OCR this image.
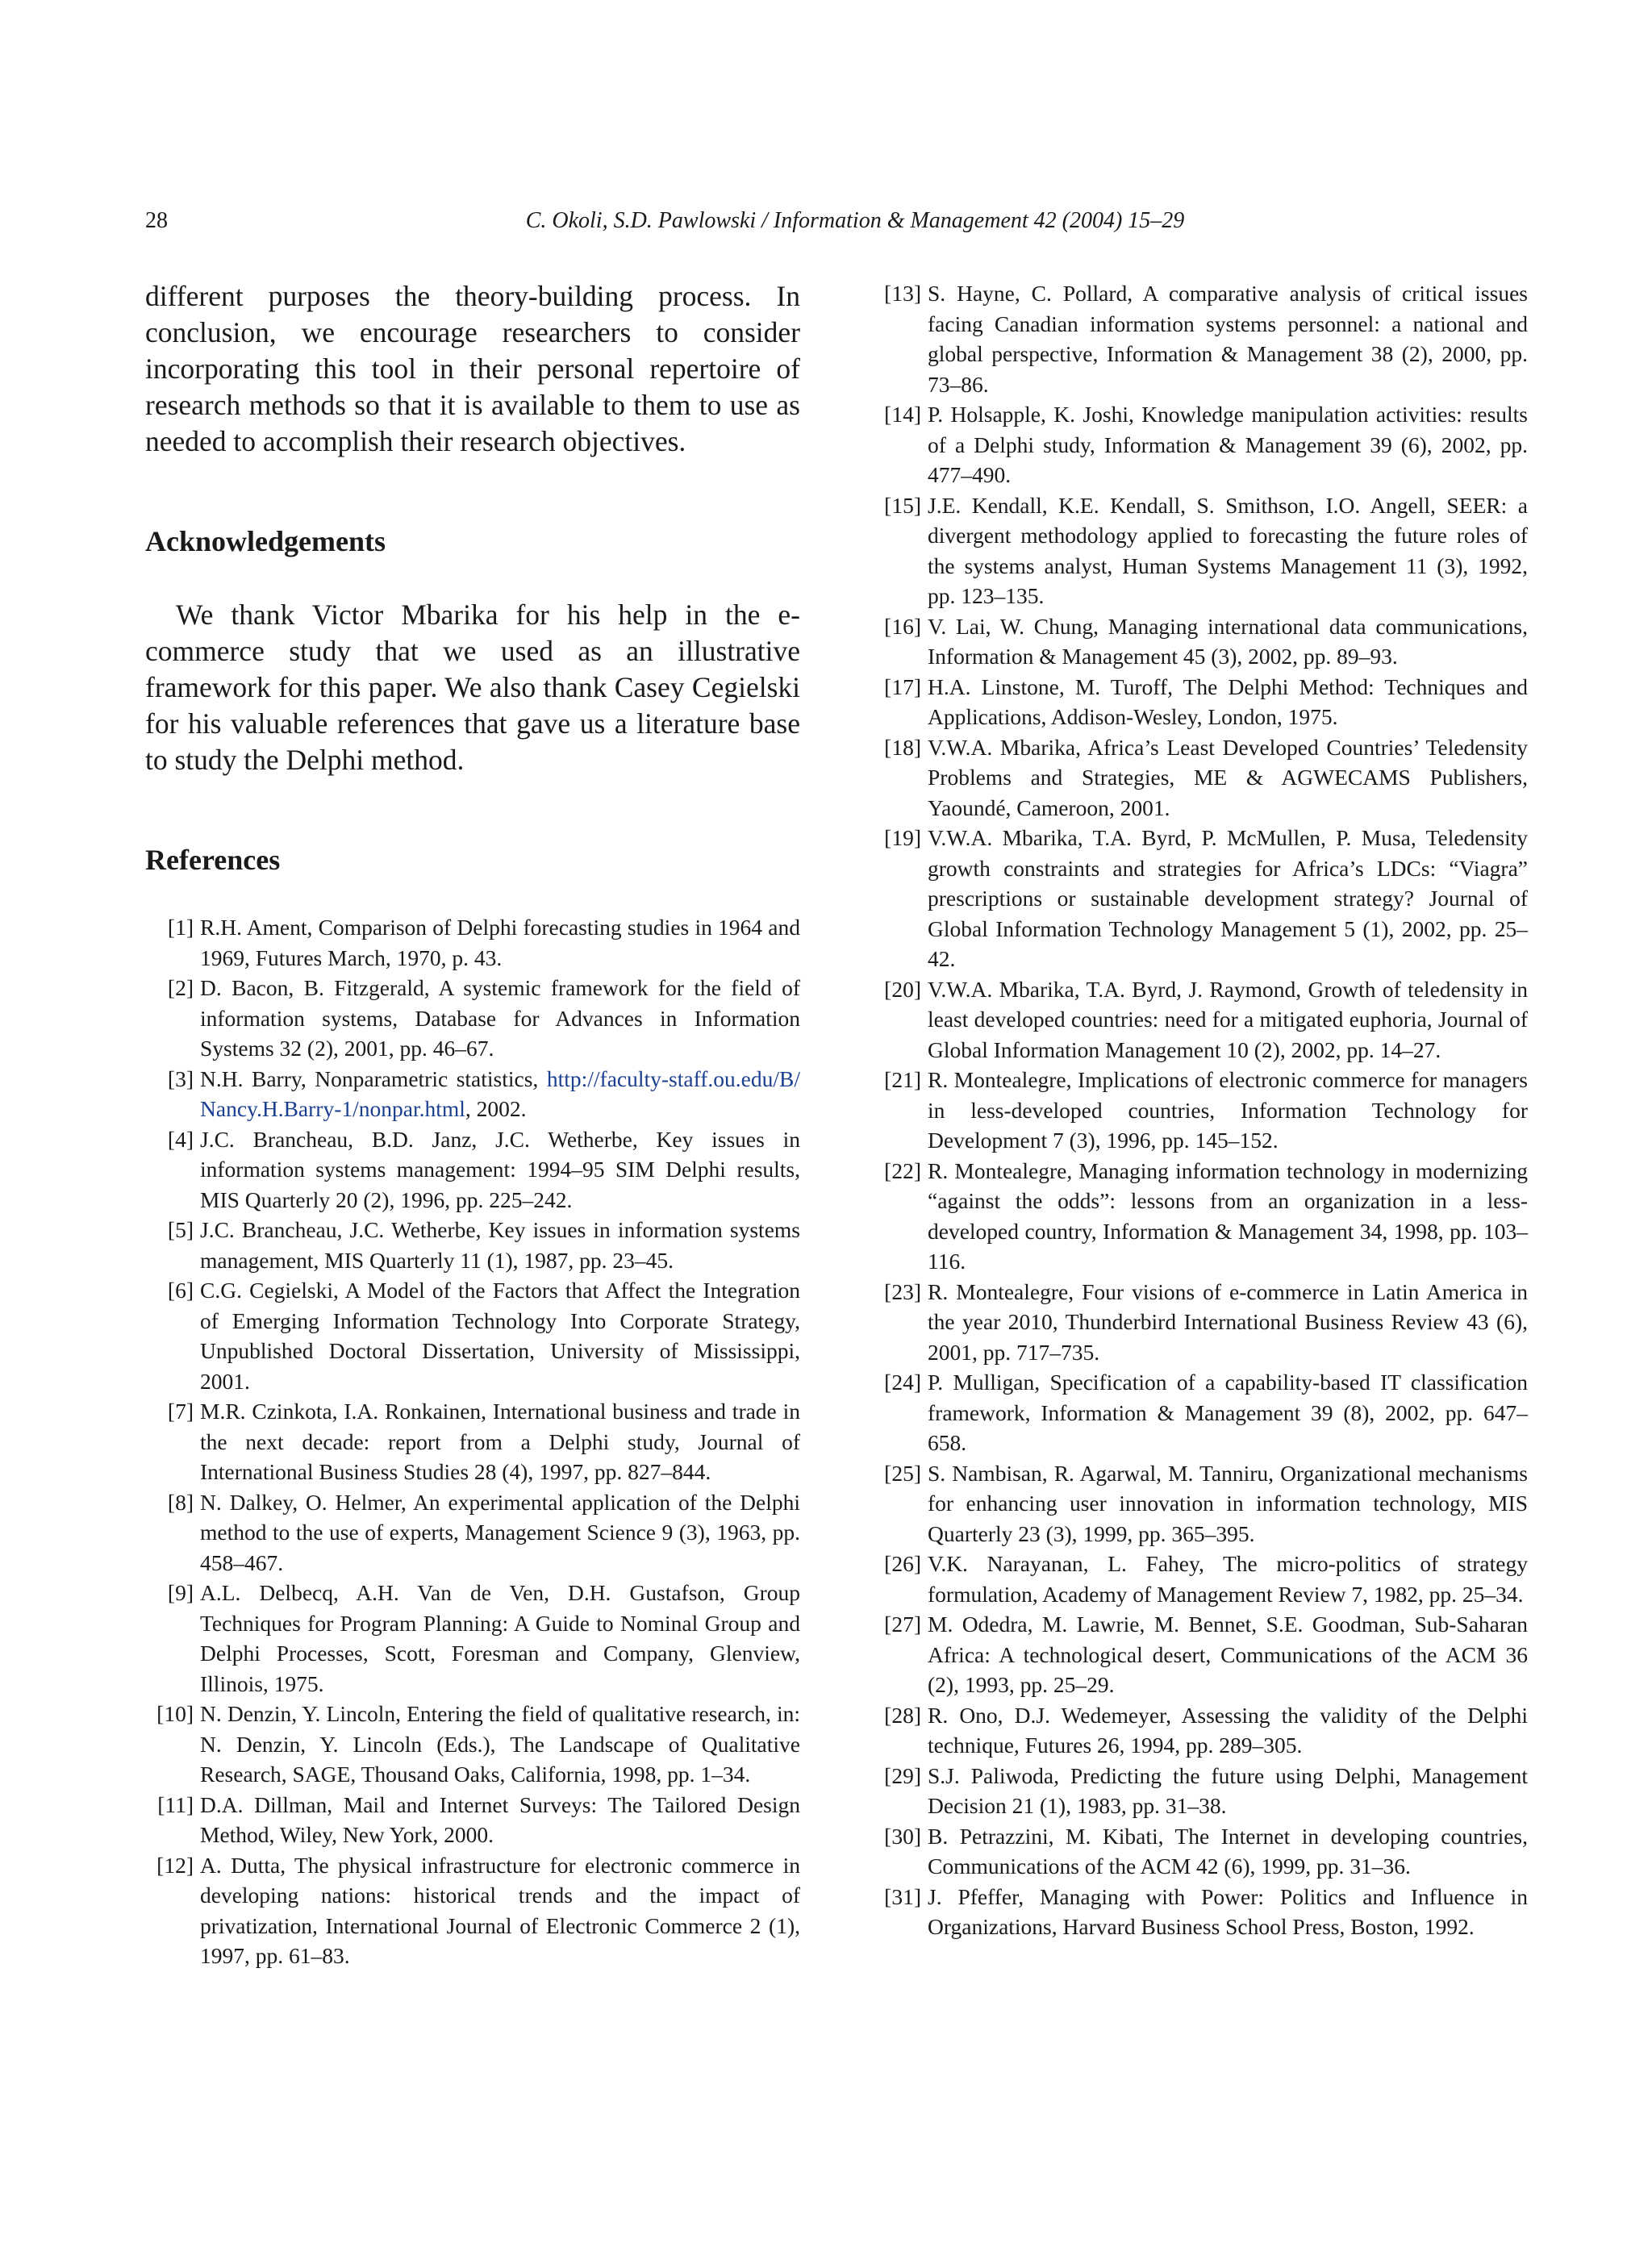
28	C. Okoli, S.D. Pawlowski / Information & Management 42 (2004) 15–29

different purposes the theory-building process. In conclusion, we encourage researchers to consider incorporating this tool in their personal repertoire of research methods so that it is available to them to use as needed to accomplish their research objectives.

Acknowledgements

We thank Victor Mbarika for his help in the e-commerce study that we used as an illustrative framework for this paper. We also thank Casey Cegielski for his valuable references that gave us a literature base to study the Delphi method.

References
[1] R.H. Ament, Comparison of Delphi forecasting studies in 1964 and 1969, Futures March, 1970, p. 43.
[2] D. Bacon, B. Fitzgerald, A systemic framework for the field of information systems, Database for Advances in Information Systems 32 (2), 2001, pp. 46–67.
[3] N.H. Barry, Nonparametric statistics, http://faculty-staff.ou.edu/B/Nancy.H.Barry-1/nonpar.html, 2002.
[4] J.C. Brancheau, B.D. Janz, J.C. Wetherbe, Key issues in information systems management: 1994–95 SIM Delphi results, MIS Quarterly 20 (2), 1996, pp. 225–242.
[5] J.C. Brancheau, J.C. Wetherbe, Key issues in information systems management, MIS Quarterly 11 (1), 1987, pp. 23–45.
[6] C.G. Cegielski, A Model of the Factors that Affect the Integration of Emerging Information Technology Into Corporate Strategy, Unpublished Doctoral Dissertation, University of Mississippi, 2001.
[7] M.R. Czinkota, I.A. Ronkainen, International business and trade in the next decade: report from a Delphi study, Journal of International Business Studies 28 (4), 1997, pp. 827–844.
[8] N. Dalkey, O. Helmer, An experimental application of the Delphi method to the use of experts, Management Science 9 (3), 1963, pp. 458–467.
[9] A.L. Delbecq, A.H. Van de Ven, D.H. Gustafson, Group Techniques for Program Planning: A Guide to Nominal Group and Delphi Processes, Scott, Foresman and Company, Glenview, Illinois, 1975.
[10] N. Denzin, Y. Lincoln, Entering the field of qualitative research, in: N. Denzin, Y. Lincoln (Eds.), The Landscape of Qualitative Research, SAGE, Thousand Oaks, California, 1998, pp. 1–34.
[11] D.A. Dillman, Mail and Internet Surveys: The Tailored Design Method, Wiley, New York, 2000.
[12] A. Dutta, The physical infrastructure for electronic commerce in developing nations: historical trends and the impact of privatization, International Journal of Electronic Commerce 2 (1), 1997, pp. 61–83.
[13] S. Hayne, C. Pollard, A comparative analysis of critical issues facing Canadian information systems personnel: a national and global perspective, Information & Management 38 (2), 2000, pp. 73–86.
[14] P. Holsapple, K. Joshi, Knowledge manipulation activities: results of a Delphi study, Information & Management 39 (6), 2002, pp. 477–490.
[15] J.E. Kendall, K.E. Kendall, S. Smithson, I.O. Angell, SEER: a divergent methodology applied to forecasting the future roles of the systems analyst, Human Systems Management 11 (3), 1992, pp. 123–135.
[16] V. Lai, W. Chung, Managing international data communications, Information & Management 45 (3), 2002, pp. 89–93.
[17] H.A. Linstone, M. Turoff, The Delphi Method: Techniques and Applications, Addison-Wesley, London, 1975.
[18] V.W.A. Mbarika, Africa’s Least Developed Countries’ Teledensity Problems and Strategies, ME & AGWECAMS Publishers, Yaoundé, Cameroon, 2001.
[19] V.W.A. Mbarika, T.A. Byrd, P. McMullen, P. Musa, Teledensity growth constraints and strategies for Africa’s LDCs: “Viagra” prescriptions or sustainable development strategy? Journal of Global Information Technology Management 5 (1), 2002, pp. 25–42.
[20] V.W.A. Mbarika, T.A. Byrd, J. Raymond, Growth of teledensity in least developed countries: need for a mitigated euphoria, Journal of Global Information Management 10 (2), 2002, pp. 14–27.
[21] R. Montealegre, Implications of electronic commerce for managers in less-developed countries, Information Technology for Development 7 (3), 1996, pp. 145–152.
[22] R. Montealegre, Managing information technology in modernizing “against the odds”: lessons from an organization in a less-developed country, Information & Management 34, 1998, pp. 103–116.
[23] R. Montealegre, Four visions of e-commerce in Latin America in the year 2010, Thunderbird International Business Review 43 (6), 2001, pp. 717–735.
[24] P. Mulligan, Specification of a capability-based IT classification framework, Information & Management 39 (8), 2002, pp. 647–658.
[25] S. Nambisan, R. Agarwal, M. Tanniru, Organizational mechanisms for enhancing user innovation in information technology, MIS Quarterly 23 (3), 1999, pp. 365–395.
[26] V.K. Narayanan, L. Fahey, The micro-politics of strategy formulation, Academy of Management Review 7, 1982, pp. 25–34.
[27] M. Odedra, M. Lawrie, M. Bennet, S.E. Goodman, Sub-Saharan Africa: A technological desert, Communications of the ACM 36 (2), 1993, pp. 25–29.
[28] R. Ono, D.J. Wedemeyer, Assessing the validity of the Delphi technique, Futures 26, 1994, pp. 289–305.
[29] S.J. Paliwoda, Predicting the future using Delphi, Management Decision 21 (1), 1983, pp. 31–38.
[30] B. Petrazzini, M. Kibati, The Internet in developing countries, Communications of the ACM 42 (6), 1999, pp. 31–36.
[31] J. Pfeffer, Managing with Power: Politics and Influence in Organizations, Harvard Business School Press, Boston, 1992.
